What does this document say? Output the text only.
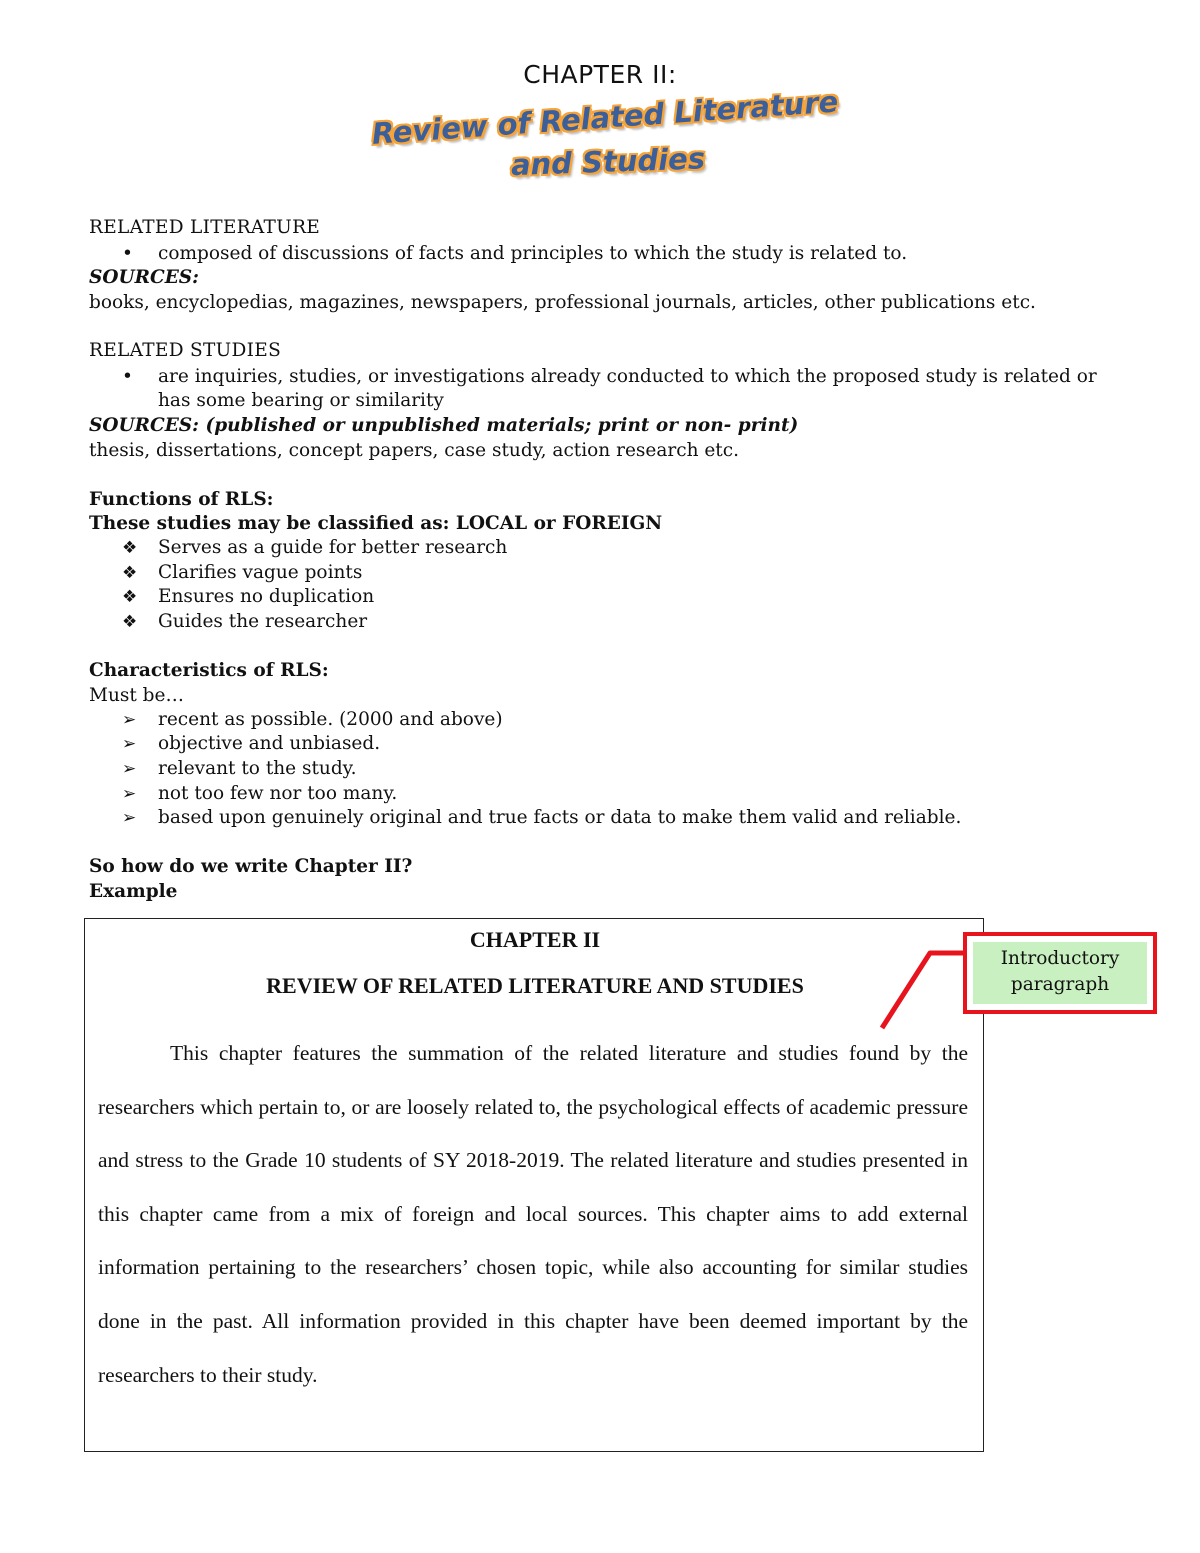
CHAPTER II:
Review of Related Literature
and Studies
RELATED LITERATURE
• composed of discussions of facts and principles to which the study is related to.
SOURCES:
books, encyclopedias, magazines, newspapers, professional journals, articles, other publications etc.
RELATED STUDIES
• are inquiries, studies, or investigations already conducted to which the proposed study is related or
has some bearing or similarity
SOURCES: (published or unpublished materials; print or non- print)
thesis, dissertations, concept papers, case study, action research etc.
Functions of RLS:
These studies may be classified as: LOCAL or FOREIGN
❖ Serves as a guide for better research
❖ Clarifies vague points
❖ Ensures no duplication
❖ Guides the researcher
Characteristics of RLS:
Must be…
➢ recent as possible. (2000 and above)
➢ objective and unbiased.
➢ relevant to the study.
➢ not too few nor too many.
➢ based upon genuinely original and true facts or data to make them valid and reliable.
So how do we write Chapter II?
Example
CHAPTER II
REVIEW OF RELATED LITERATURE AND STUDIES
This chapter features the summation of the related literature and studies found by the researchers which pertain to, or are loosely related to, the psychological effects of academic pressure and stress to the Grade 10 students of SY 2018-2019. The related literature and studies presented in this chapter came from a mix of foreign and local sources. This chapter aims to add external information pertaining to the researchers’ chosen topic, while also accounting for similar studies done in the past. All information provided in this chapter have been deemed important by the researchers to their study.
Introductory
paragraph
